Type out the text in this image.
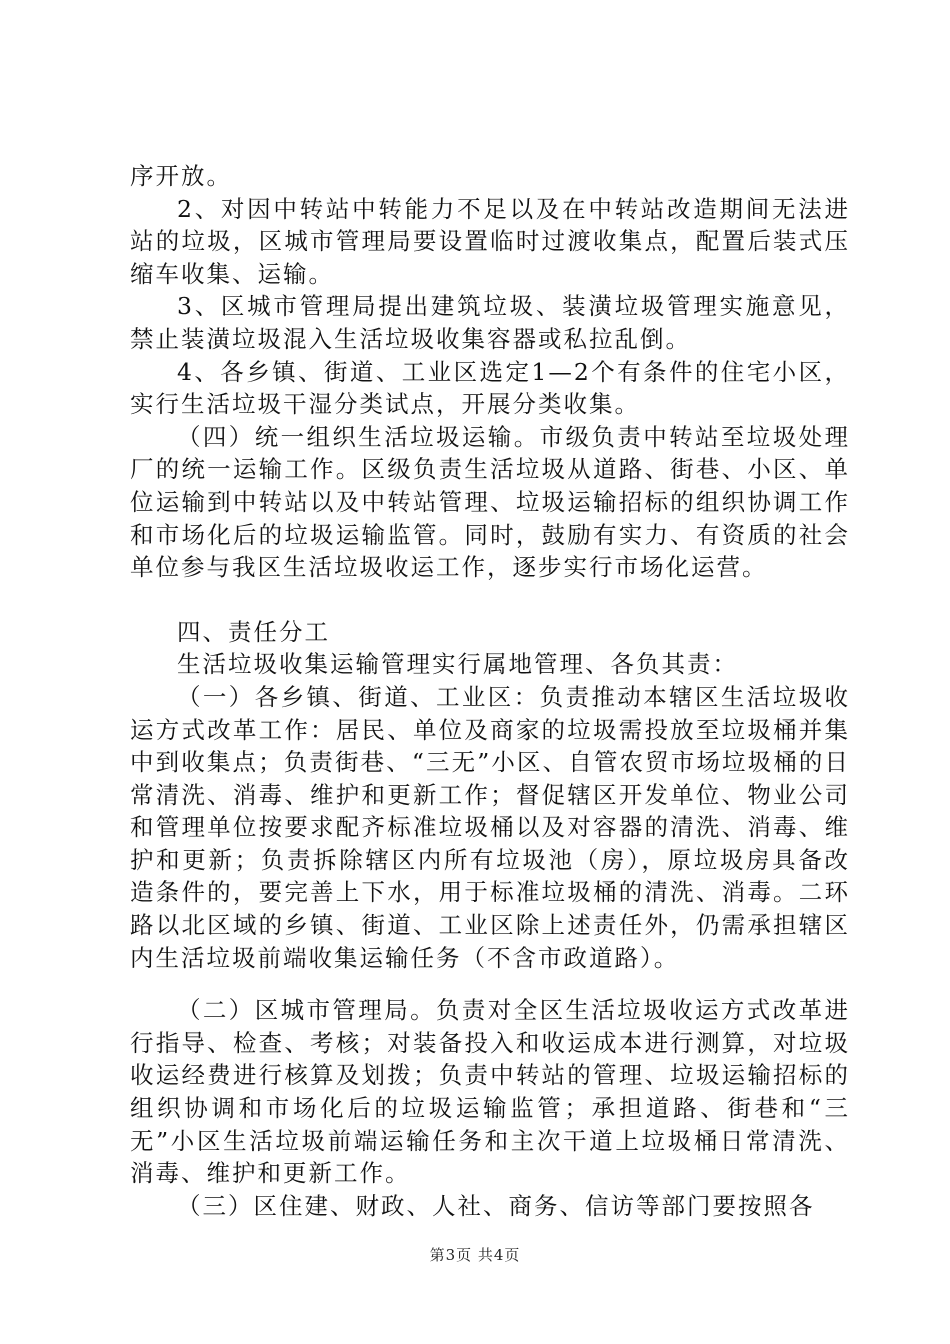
序开放。

2、对因中转站中转能力不足以及在中转站改造期间无法进站的垃圾，区城市管理局要设置临时过渡收集点，配置后装式压缩车收集、运输。

3、区城市管理局提出建筑垃圾、装潢垃圾管理实施意见，禁止装潢垃圾混入生活垃圾收集容器或私拉乱倒。

4、各乡镇、街道、工业区选定1—2个有条件的住宅小区，实行生活垃圾干湿分类试点，开展分类收集。

（四）统一组织生活垃圾运输。市级负责中转站至垃圾处理厂的统一运输工作。区级负责生活垃圾从道路、街巷、小区、单位运输到中转站以及中转站管理、垃圾运输招标的组织协调工作和市场化后的垃圾运输监管。同时，鼓励有实力、有资质的社会单位参与我区生活垃圾收运工作，逐步实行市场化运营。

四、责任分工

生活垃圾收集运输管理实行属地管理、各负其责：

（一）各乡镇、街道、工业区：负责推动本辖区生活垃圾收运方式改革工作：居民、单位及商家的垃圾需投放至垃圾桶并集中到收集点；负责街巷、“三无”小区、自管农贸市场垃圾桶的日常清洗、消毒、维护和更新工作；督促辖区开发单位、物业公司和管理单位按要求配齐标准垃圾桶以及对容器的清洗、消毒、维护和更新；负责拆除辖区内所有垃圾池（房），原垃圾房具备改造条件的，要完善上下水，用于标准垃圾桶的清洗、消毒。二环路以北区域的乡镇、街道、工业区除上述责任外，仍需承担辖区内生活垃圾前端收集运输任务（不含市政道路）。

（二）区城市管理局。负责对全区生活垃圾收运方式改革进行指导、检查、考核；对装备投入和收运成本进行测算，对垃圾收运经费进行核算及划拨；负责中转站的管理、垃圾运输招标的组织协调和市场化后的垃圾运输监管；承担道路、街巷和“三无”小区生活垃圾前端运输任务和主次干道上垃圾桶日常清洗、消毒、维护和更新工作。

（三）区住建、财政、人社、商务、信访等部门要按照各

第3页 共4页
